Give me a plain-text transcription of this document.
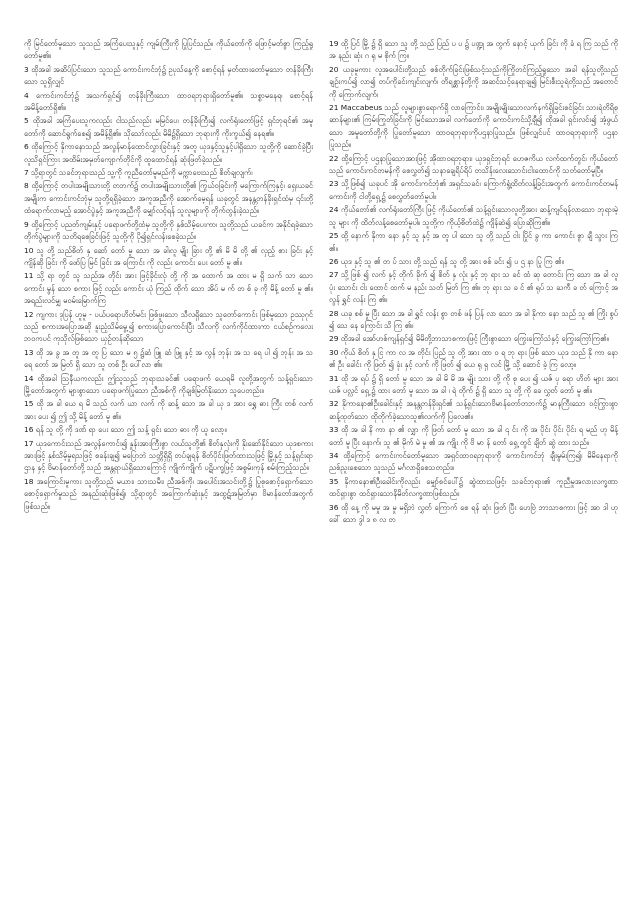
ကို မြင်တော်မူသော သူသည် အကြံပေးသူနှင့် ကျမ်းကြီးကို ပြုပြင်သည်။ ကိုယ်တော်ကို ဖြောင့်မတ်စွာ ကြည့်ရှုတော်မူ၏။

3 ထိုအခါ အဆိပ်ပြင်းသော သူသည် ကောင်းကင်ဘုံ၌ ဥပုသ်နေ့ကို စောင့်ရန် မှတ်ထားတော်မူသော တန်ခိုးကြီးသော သူရှိလျှင်

4 ကောင်းကင်ဘုံ၌ အသက်ရှင်၍ တန်ခိုးကြီးသော ထာဝရဘုရားရှိတော်မူ၏။ သစ္စာမနေရ၊ စောင့်ရန် အမိန့်တော်ရှိ၏။

5 ထိုအခါ အကြံပေးသူကလည်း ငါသည်လည်း မမြင်ပေ၊ တန်ခိုးကြီး၍ လက်ရုံးတော်ဖြင့် ရှင်ဘုရင်၏ အမူတော်ကို ဆောင်ရွက်စေ၍ အမိန့်ရှိ၏။ သိုသော်လည်း မိမိ၌ရှိသော ဘုရားကို ကိုးကွယ်၍ နေရ၏။

6 ထိုကြောင့် နိုကာနောသည် အလွန်မာန်ထောင်လွှားခြင်းနှင့် အတူ ယုဒနှင့်သူနှင့်ပါရှိသော သူတို့ကို ဆောင်ခဲ့ပြီး လူသိရှင်ကြား အထိမ်းအမှတ်ကျောက်တိုင်ကို ထူထောင်ရန် ဆုံးဖြတ်ခဲ့သည်။

7 သို့ရာတွင် သခင်ဘုရားသည် သူ့ကို ကူညီတော်မူမည်ကို မက္ကာဗေးသည် စိတ်ချလျက်၊

8 ထို့ကြောင့် တပါးအမျိုးသားတို့ တဘက်၌ တပါးအမျိုးသားတို့၏ ကြွယ်ဝခြင်းကို မကြောက်ကြနှင့်၊ ရှေးယခင်အမျိုးက ကောင်းကင်ဘုံမှ သူတို့ရရှိခဲ့သော အကူအညီကို အောက်မေ့ရန် ယခုတွင် အနန္တတန်ခိုးရှင်ထံမှ ၎င်းတို့ထံရောက်လာမည့် အောင်ပွဲနှင့် အကူအညီကို မျှော်လင့်ရန် သူလူများကို တိုက်တွန်းခဲ့သည်။

9 ထို့ကြောင့် ပညတ်ကျမ်းနှင့် ပရောဖက်တို့ထံမှ သူတို့ကို နှစ်သိမ့်ပေးကာ၊ သူတို့သည် ယခင်က အနိုင်ရခဲ့သော တိုက်ပွဲများကို သတိရစေခြင်းဖြင့် သူတို့ကို ပို၍ရှင်လန်းစေခဲ့သည်။

10 သူ တို့ သည်စိတ် နှ ဆော် တော် မူ သော အ ခါ၊လူ မျိုး ခြား တို့ ၏ မိ မိ တို့ ၏ လှည့် စား ခြင်း နှင့် ကျိန်ဆို ခြင်း ကို ဖော်ပြ မြင် ခြင်း အ ကြောင်း ကို လည်း ကောင်း ပေး တော် မူ ၏။

11 သို့ ရာ တွင် သူ သည်အ တိုင်း အား ဖြင့်ခိုင်းလုံ တို့ ကို အ ထောက် အ ထား မ ရှိ သက် သာ သော ကောင်း မွန် သော စကား ဖြင့် လည်း ကောင်း ယုံ ကြည် ထိုက် သော အိပ် မ က် တ စ် ခု ကို မိန့် တော် မူ ၏။ အရည်းလင်မျှ မဝမ်းမြောက်ကြ

12 ကျကား ဒုပြန် ဟူမူ - ပယ်ပရောဟိတ်မင်း ဖြစ်ဖူးသော သီလရှိသော သူတော်ကောင်း ဖြစ်မူသော ဥဿုဂုင်သည် စကားအပြောအဆို နူးညံ့သိမ်မွေ့၍ စကားပြောကောင်းပြီး သီလကို လက်ကိုင်ထားကာ ငယ်စဉ်ကလေးဘဝကပင် ကုသိုလ်ဖြစ်သော ယှဉ်တန်ဆိုသော

13 ထို အ ခွ အ တူ အ တူ ပြ သော မ ၅ ၌ဆံ ဖြူ ဆံ ဖြူ နှင့် အ လွန် ဘုန်း အ သ ရေ ပါ ၍ ဘုန်း အ သ ရေ တော် အ မြတ် ရှိ သော သူ တစ် ဦး ပေါ်လာ ၏။

14 ထိုအခါ ဩနီယကလည်း ဤသူသည် ဘုရားသခင်၏ ပရောဖက် ယေရမိ လူတို့အတွက် သန့်ရှင်းသော မြို့တော်အတွက် များစွာသော ပရောဖက်ပြုသော ညီအစ်ကို ကိုချစ်မြတ်နိုးသော သူပေတည်း။

15 ထို အ ခါ ယေ ရ မိ သည် လက် ယာ လက် ကို ဆန့် သော အ ခါ ယု ဒ အား ရွှေ ဓား ကြီး တစ် လက် အား ပေး ၍ ဤ သို့ မိန့် တော် မူ ၏။

16 ရန် သူ တို့ ကို ဒဏ် ရာ ပေး သော ဤ သန့် ရှင်း သော ဓား ကို ယူ လော့။

17 ယုဒကောင်းသည် အလွန်ကောင်း၍ နှုန်းအားကြီးစွာ လယ်သူတို့၏ စိတ်နှလုံးကို နိုးဆော်နိုင်သော ယုဒစကားအားဖြင့် နှစ်သိမ့်မှုရသဖြင့် စခန်းချ၍ မပြောဘဲ သတ္တိရှိရှိ တပ်ချရန် စိတ်ပိုင်းဖြတ်ထားသဖြင့် မြို့နှင့် သန့်ရှင်းရာဌာန နှင့် ဗိမာန်တော်တို့ သည် အန္တရာယ်ရှိသောကြောင့် ကျိုက်ကျိုက် ပဋိပက္ခဖြင့် အစွမ်းကုန် စမ်းကြည့်သည်။

18 အကြောင်းမူကား သူတို့သည် မယား၊ သားသမီး၊ ညီအစ်ကို၊ အပေါင်းအသင်းတို့၌ ပြုစုစောင့်ရှောက်သော စောင့်ရှောက်မှုသည် အနည်းဆုံးဖြစ်၍၊ သို့ရာတွင် အကြောက်ဆုံးနှင့် အထွဋ်အမြတ်မှာ ဗိမာန်တော်အတွက် ဖြစ်သည်။

19 ထို့ ပြင် မြို့ ၌ ရှိ သော သူ တို့ သည် ပြည် ပ ပ ၌ ပဏ္ဍု အ တွက် နောင့် ယှက် ခြင်း ကို ခံ ရ ကြ သည် ကို အ နည်း ဆုံး ဂ ရု မ စိုက် ကြ။

20 ယခုမူကား လူအပေါင်းတို့သည် စစ်တိုက်ခြင်းဖြစ်သင့်သည်ကိုကြိုတင်ကြည့်ရှုသော အခါ ရန်သူတို့သည် ချဉ်းကပ်၍ လာ၍ တပ်ကိုခင်းကျင်းလျက်၊ တိရစ္ဆာန်တို့ကို အဆင်သင့်နေရာချ၍ မြင်းစီးသူရဲတို့သည် အတောင်ကို ကြောက်လျက်၊

21 Maccabeus သည် လူများစွာရောက်ရှိ လာကြောင်း၊ အမျိုးမျိုးသောလက်နက်ရှိခြင်းစင်ခြင်း သားရဲတိရိစ္ဆာန်များ၏ ကြမ်းကြုတ်ခြင်းကို မြင်သောအခါ လက်တော်ကို ကောင်းကင်သို့ချီ၍ ထိုအခါ ရှင်းလင်း၍ အံ့ဖွယ်သော အမှုတော်တို့ကို ပြုတော်မူသော ထာဝရဘုရားကိုပဌနာပြုသည်။ ဖြစ်လျှင်ပင် ထာဝရဘုရားကို ပဌနာပြုသည်။

22 ထို့ကြောင့် ပဌနာပြုသောအားဖြင့် အိုထာဝရဘုရား၊ ယုဒရှင်ဘုရင် ဟေဇကိယ လက်ထက်တွင်၊ ကိုယ်တော်သည် ကောင်းကင်တမန်ကို စေလွှတ်၍ သနာချေရိပ်ရိပ် တသိန်းလေးသောင်းငါးထောင်ကို သတ်တော်မူပြီ။

23 သို့ဖြစ်၍ ယခုပင် အို ကောင်းကင်ဘုံ၏ အရှင်သခင်၊ ကြောက်ရွံ့ထိတ်လန့်ခြင်းအတွက် ကောင်းကင်တမန်ကောင်းကို ငါတို့ရှေ့၌ စေလွှတ်တော်မူပါ။

24 ကိုယ်တော်၏ လက်ရုံးတော်ကြီး ဖြင့် ကိုယ်တော်၏ သန့်ရှင်းသောလူတို့အား ဆန့်ကျင်ရန်လာသော ဘုရားမဲ့ သူ များ ကို ထိတ်လန့်စေတော်မူပါ။ သူတို့က ကိုယ့်စိတ်ထဲ၌ ကျိန်ဆဲ၍ ပြောဆိုကြ၏။

25 ထို့ နောက် နိုကာ နော နှင့် သူ နှင့် အ တူ ပါ သော သူ တို့ သည် ငါး ပြိုင် ခွ ကာ ကောင်း စွာ ချီ သွား ကြ ၏။

26 ယုဒ နှင့် သူ ၏ တ ပ် သား တို့ သည် ရန် သူ တို့ အား စစ် ခင်း ၍ ပ ဌ နာ ပြု ကြ ၏။

27 သို့ ဖြစ် ၍ လက် နှင့် တိုက် ခိုက် ၍ စိတ် နှ လုံး နှင့် ဘု ရား သ ခင် ထံ ဆု တောင်း ကြ သော အ ခါ လူ ပုံး သောင်း ငါး ထောင် ထက် မ နည်း သတ် မြတ် ကြ ၏။ ဘု ရား သ ခ င် ၏ ရုပ် သ ႀကီ ခ တ် ကြောင့် အ လွန် ရွှင် လန်း ကြ ၏။

28 ယခု စစ် မှု ပြီး သော အ ခါ ရွှင် လန်း စွာ တစ် ဖန် ပြန် လာ သော အ ခါ နိုကာ နော သည် သူ ၏ ကြိုး စွပ် ၍ သေ နေ ကြောင်း သိ ကြ ၏။

29 ထိုအခါ အော်ဟစ်ကျန်ရှင်၍ မိမိတို့ဘာသာစကားဖြင့် ကြီးစွာသော ကြွေးကြော်သံနှင့် ကြွေးကြော်ကြ၏။

30 ကိုယ် စိတ် နှ ငြ ကာ လ အ တိုင်း ပြည် သူ တို့ အား ထာ ဝ ရ ဘု ရား ဖြစ် သော ယုဒ သည် နို ကာ နော ၏ ဦး ခေါင်း ကို ဖြတ် ၍ ခုံး နှင့် လက် ကို ဖြတ် ၍ ယေ ရု ရှ လင် မြို့ သို့ ဆောင် ခဲ့ ကြ လော့။

31 ထို အ ရပ် ၌ ရှိ တော် မူ သော အ ခါ မိ မိ အ မျိုး သား တို့ ကို စု ပေး ၍ ယဇ် ပု ရော ဟိတ် များ အား ယဇ် ပလ္လင် ရှေ့ ၌ ထား တော် မူ သော အ ခါ ၊ ရဲ တိုက် ၌ ရှိ သော သူ တို့ ကို ခေ လွှတ် တော် မူ ၏။

32 နိုကာနော၏ဦးခေါင်းနှင့် အနန္တတန်ခိုးရှင်၏ သန့်ရှင်းသောဗိမာန်တော်တဘက်၌ မာနကြီးသော ဝင့်ကြွားစွာ ဆန့်ထုတ်သော ထိုတိုက်ခဲ့သောသူ၏လက်ကို ပြလေ၏။

33 ထို အ ခါ နိ ကာ နာ ၏ လျှာ ကို ဖြတ် တော် မူ သော အ ခါ ၎ င်း ကို အ ပိုင်း ပိုင်း ပိုင်း ရ မည် ဟု မိန့် တော် မူ ပြီး နောက်၊ သူ ၏ မိုက် မဲ မှု ၏ အ ကျိုး ကို ဗိ မာ န် တော် ရှေ့ တွင် ချိတ် ဆွဲ ထား သည်။

34 ထို့ကြောင့် ကောင်းကင်တော်မူသော အရှင်ထာဝရဘုရားကို ကောင်းကင်ဘုံ ချီးမွမ်းကြ၍၊ မိမိနေရာကို ညစ်ညူးစေသော သူသည် မင်္ဂလာရှိစေသတည်း။

35 နိုကာနော၏ဦးခေါင်းကိုလည်း မျှော်စင်ပေါ်၌ ဆွဲထားသဖြင့်၊ သခင်ဘုရား၏ ကူညီမှုအလားလက္ခဏာ ထင်ရှားစွာ ထင်ရှားသောနိမိတ်လက္ခဏာဖြစ်သည်။

36 ထို နေ့ ကို မမှု အ မှု မရှိဘဲ လွှတ် ကြောက် စေ ရန် ဆုံး ဖြတ် ပြီး ဟေဗြဲ ဘာသာစကား ဖြင့် အာ ဒါ ဟု ခေါ် သော ဒွါ ဒ ၈ လ တ
